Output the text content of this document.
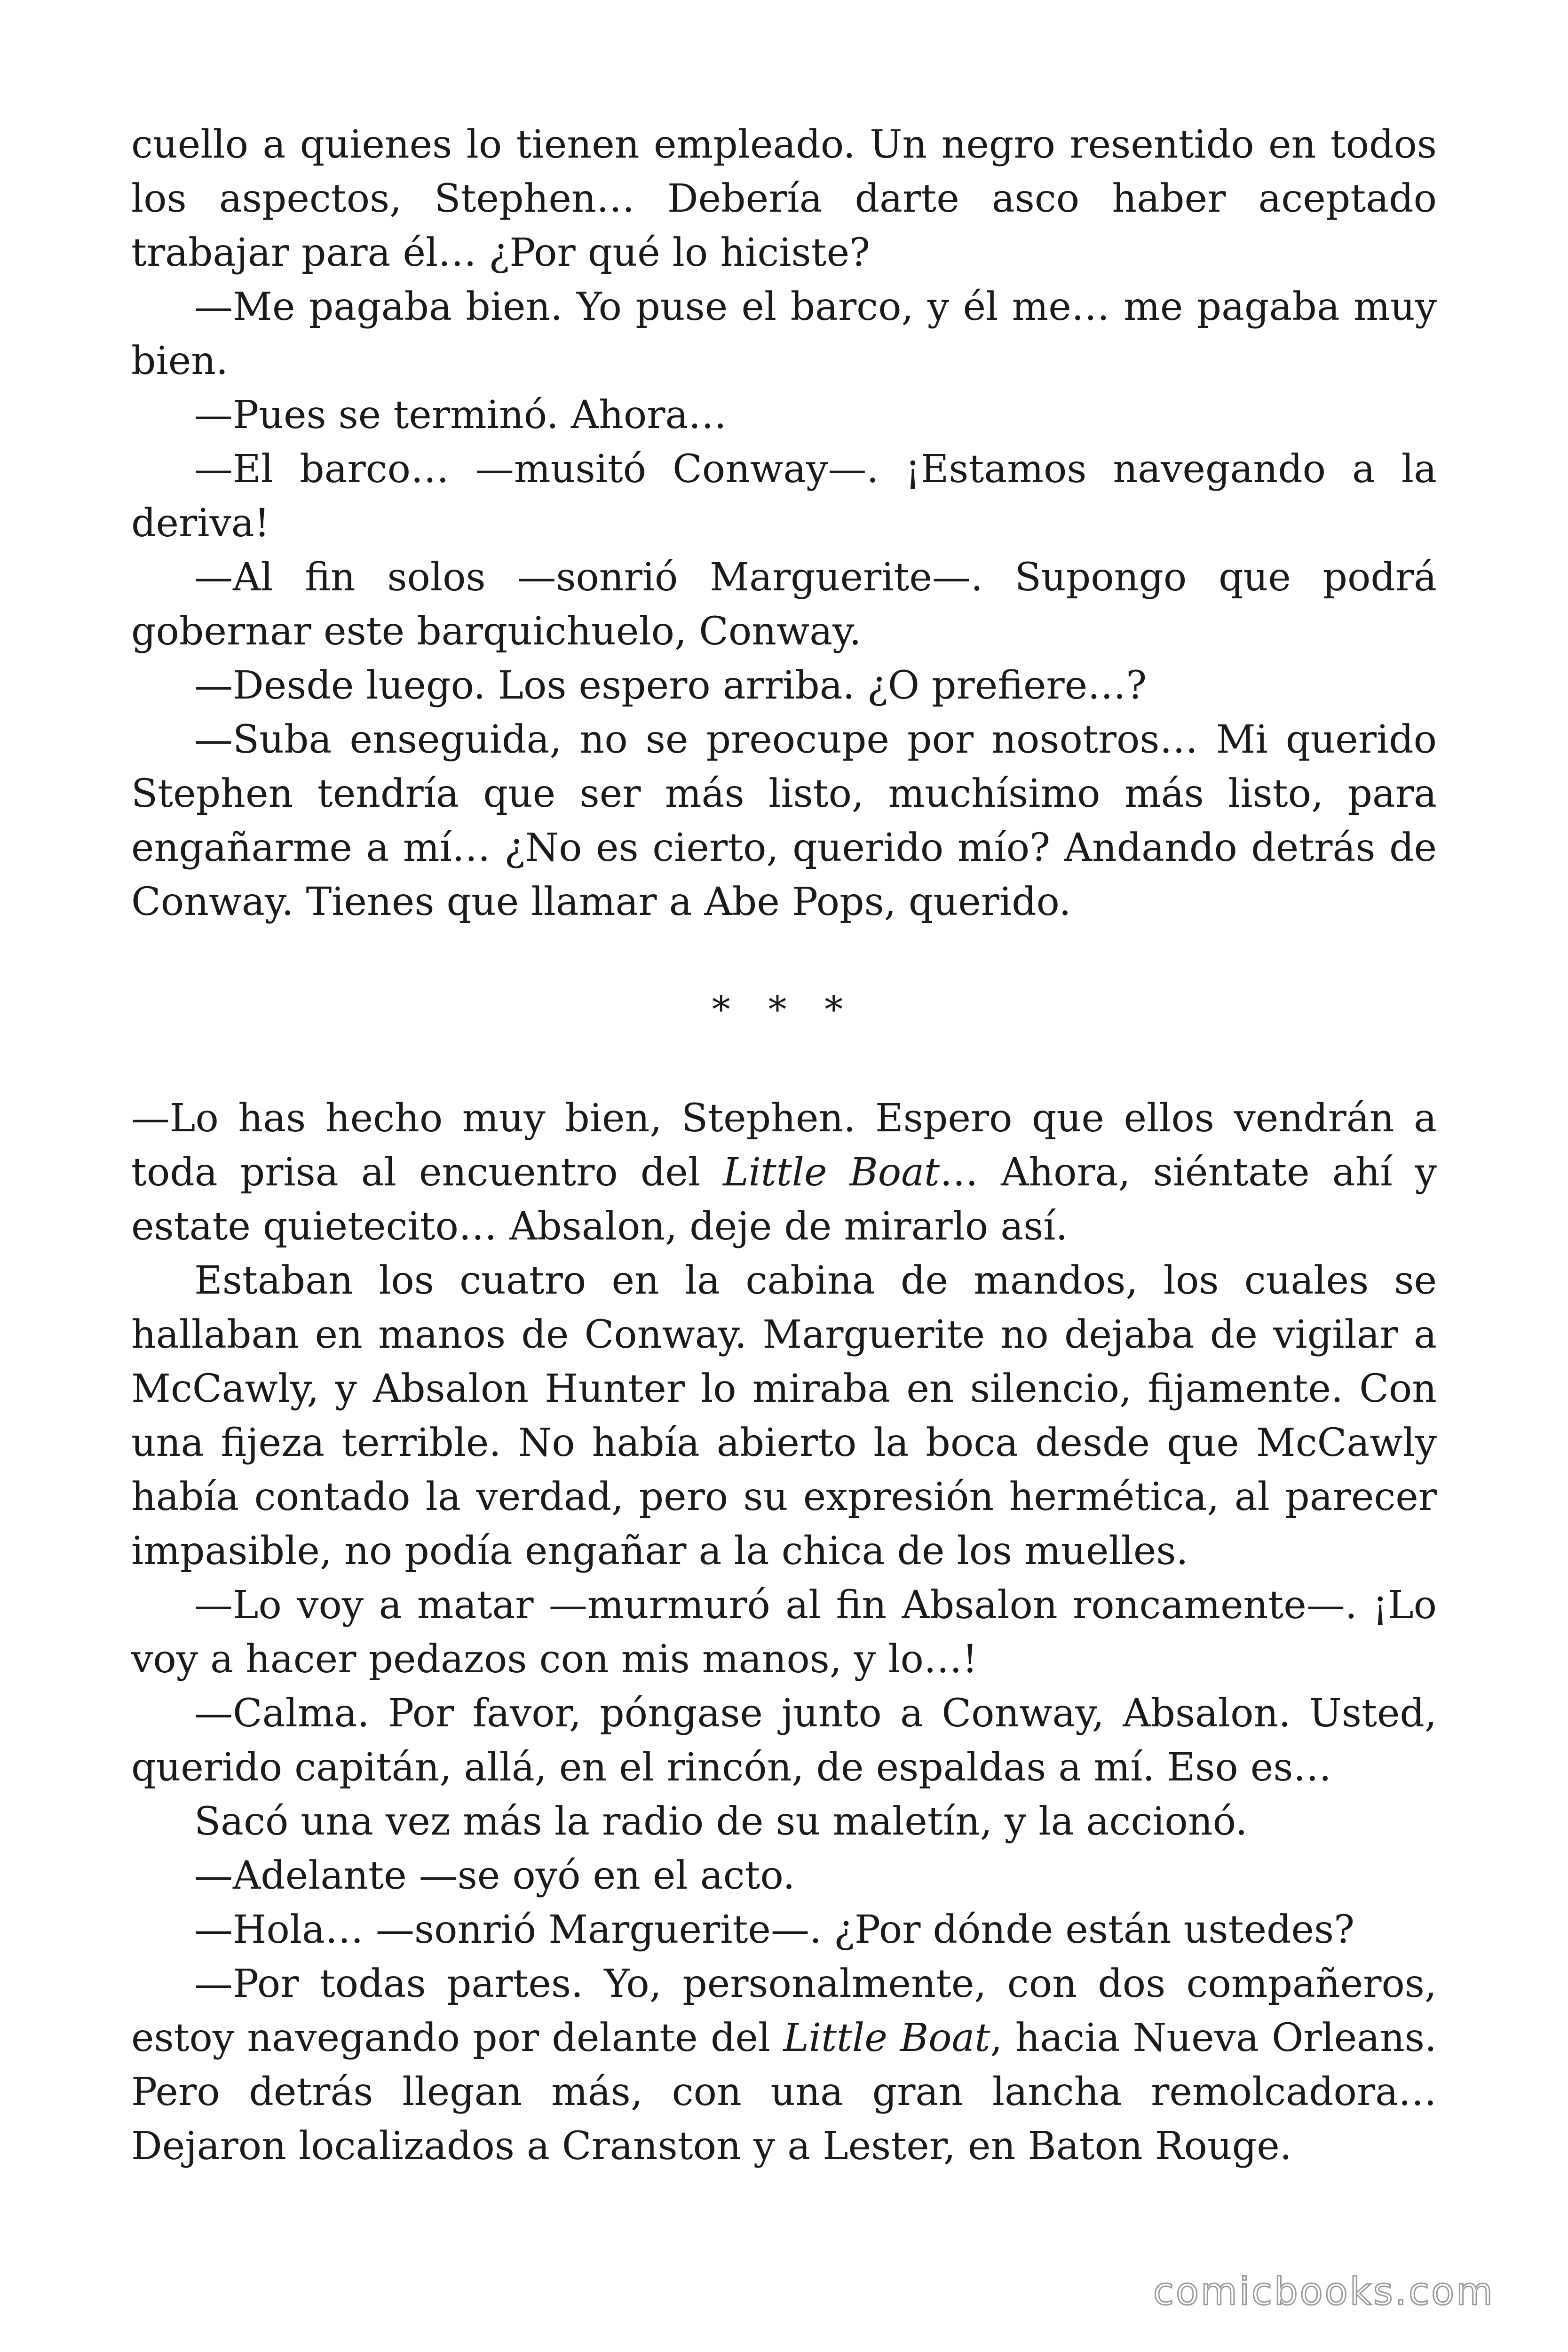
cuello a quienes lo tienen empleado. Un negro resentido en todos los aspectos, Stephen… Debería darte asco haber aceptado trabajar para él… ¿Por qué lo hiciste?

—Me pagaba bien. Yo puse el barco, y él me… me pagaba muy bien.

—Pues se terminó. Ahora…

—El barco… —musitó Conway—. ¡Estamos navegando a la deriva!

—Al fin solos —sonrió Marguerite—. Supongo que podrá gobernar este barquichuelo, Conway.

—Desde luego. Los espero arriba. ¿O prefiere…?

—Suba enseguida, no se preocupe por nosotros… Mi querido Stephen tendría que ser más listo, muchísimo más listo, para engañarme a mí… ¿No es cierto, querido mío? Andando detrás de Conway. Tienes que llamar a Abe Pops, querido.

* * *

—Lo has hecho muy bien, Stephen. Espero que ellos vendrán a toda prisa al encuentro del Little Boat… Ahora, siéntate ahí y estate quietecito… Absalon, deje de mirarlo así.

Estaban los cuatro en la cabina de mandos, los cuales se hallaban en manos de Conway. Marguerite no dejaba de vigilar a McCawly, y Absalon Hunter lo miraba en silencio, fijamente. Con una fijeza terrible. No había abierto la boca desde que McCawly había contado la verdad, pero su expresión hermética, al parecer impasible, no podía engañar a la chica de los muelles.

—Lo voy a matar —murmuró al fin Absalon roncamente—. ¡Lo voy a hacer pedazos con mis manos, y lo…!

—Calma. Por favor, póngase junto a Conway, Absalon. Usted, querido capitán, allá, en el rincón, de espaldas a mí. Eso es…

Sacó una vez más la radio de su maletín, y la accionó.

—Adelante —se oyó en el acto.

—Hola… —sonrió Marguerite—. ¿Por dónde están ustedes?

—Por todas partes. Yo, personalmente, con dos compañeros, estoy navegando por delante del Little Boat, hacia Nueva Orleans. Pero detrás llegan más, con una gran lancha remolcadora… Dejaron localizados a Cranston y a Lester, en Baton Rouge.

comicbooks.com
